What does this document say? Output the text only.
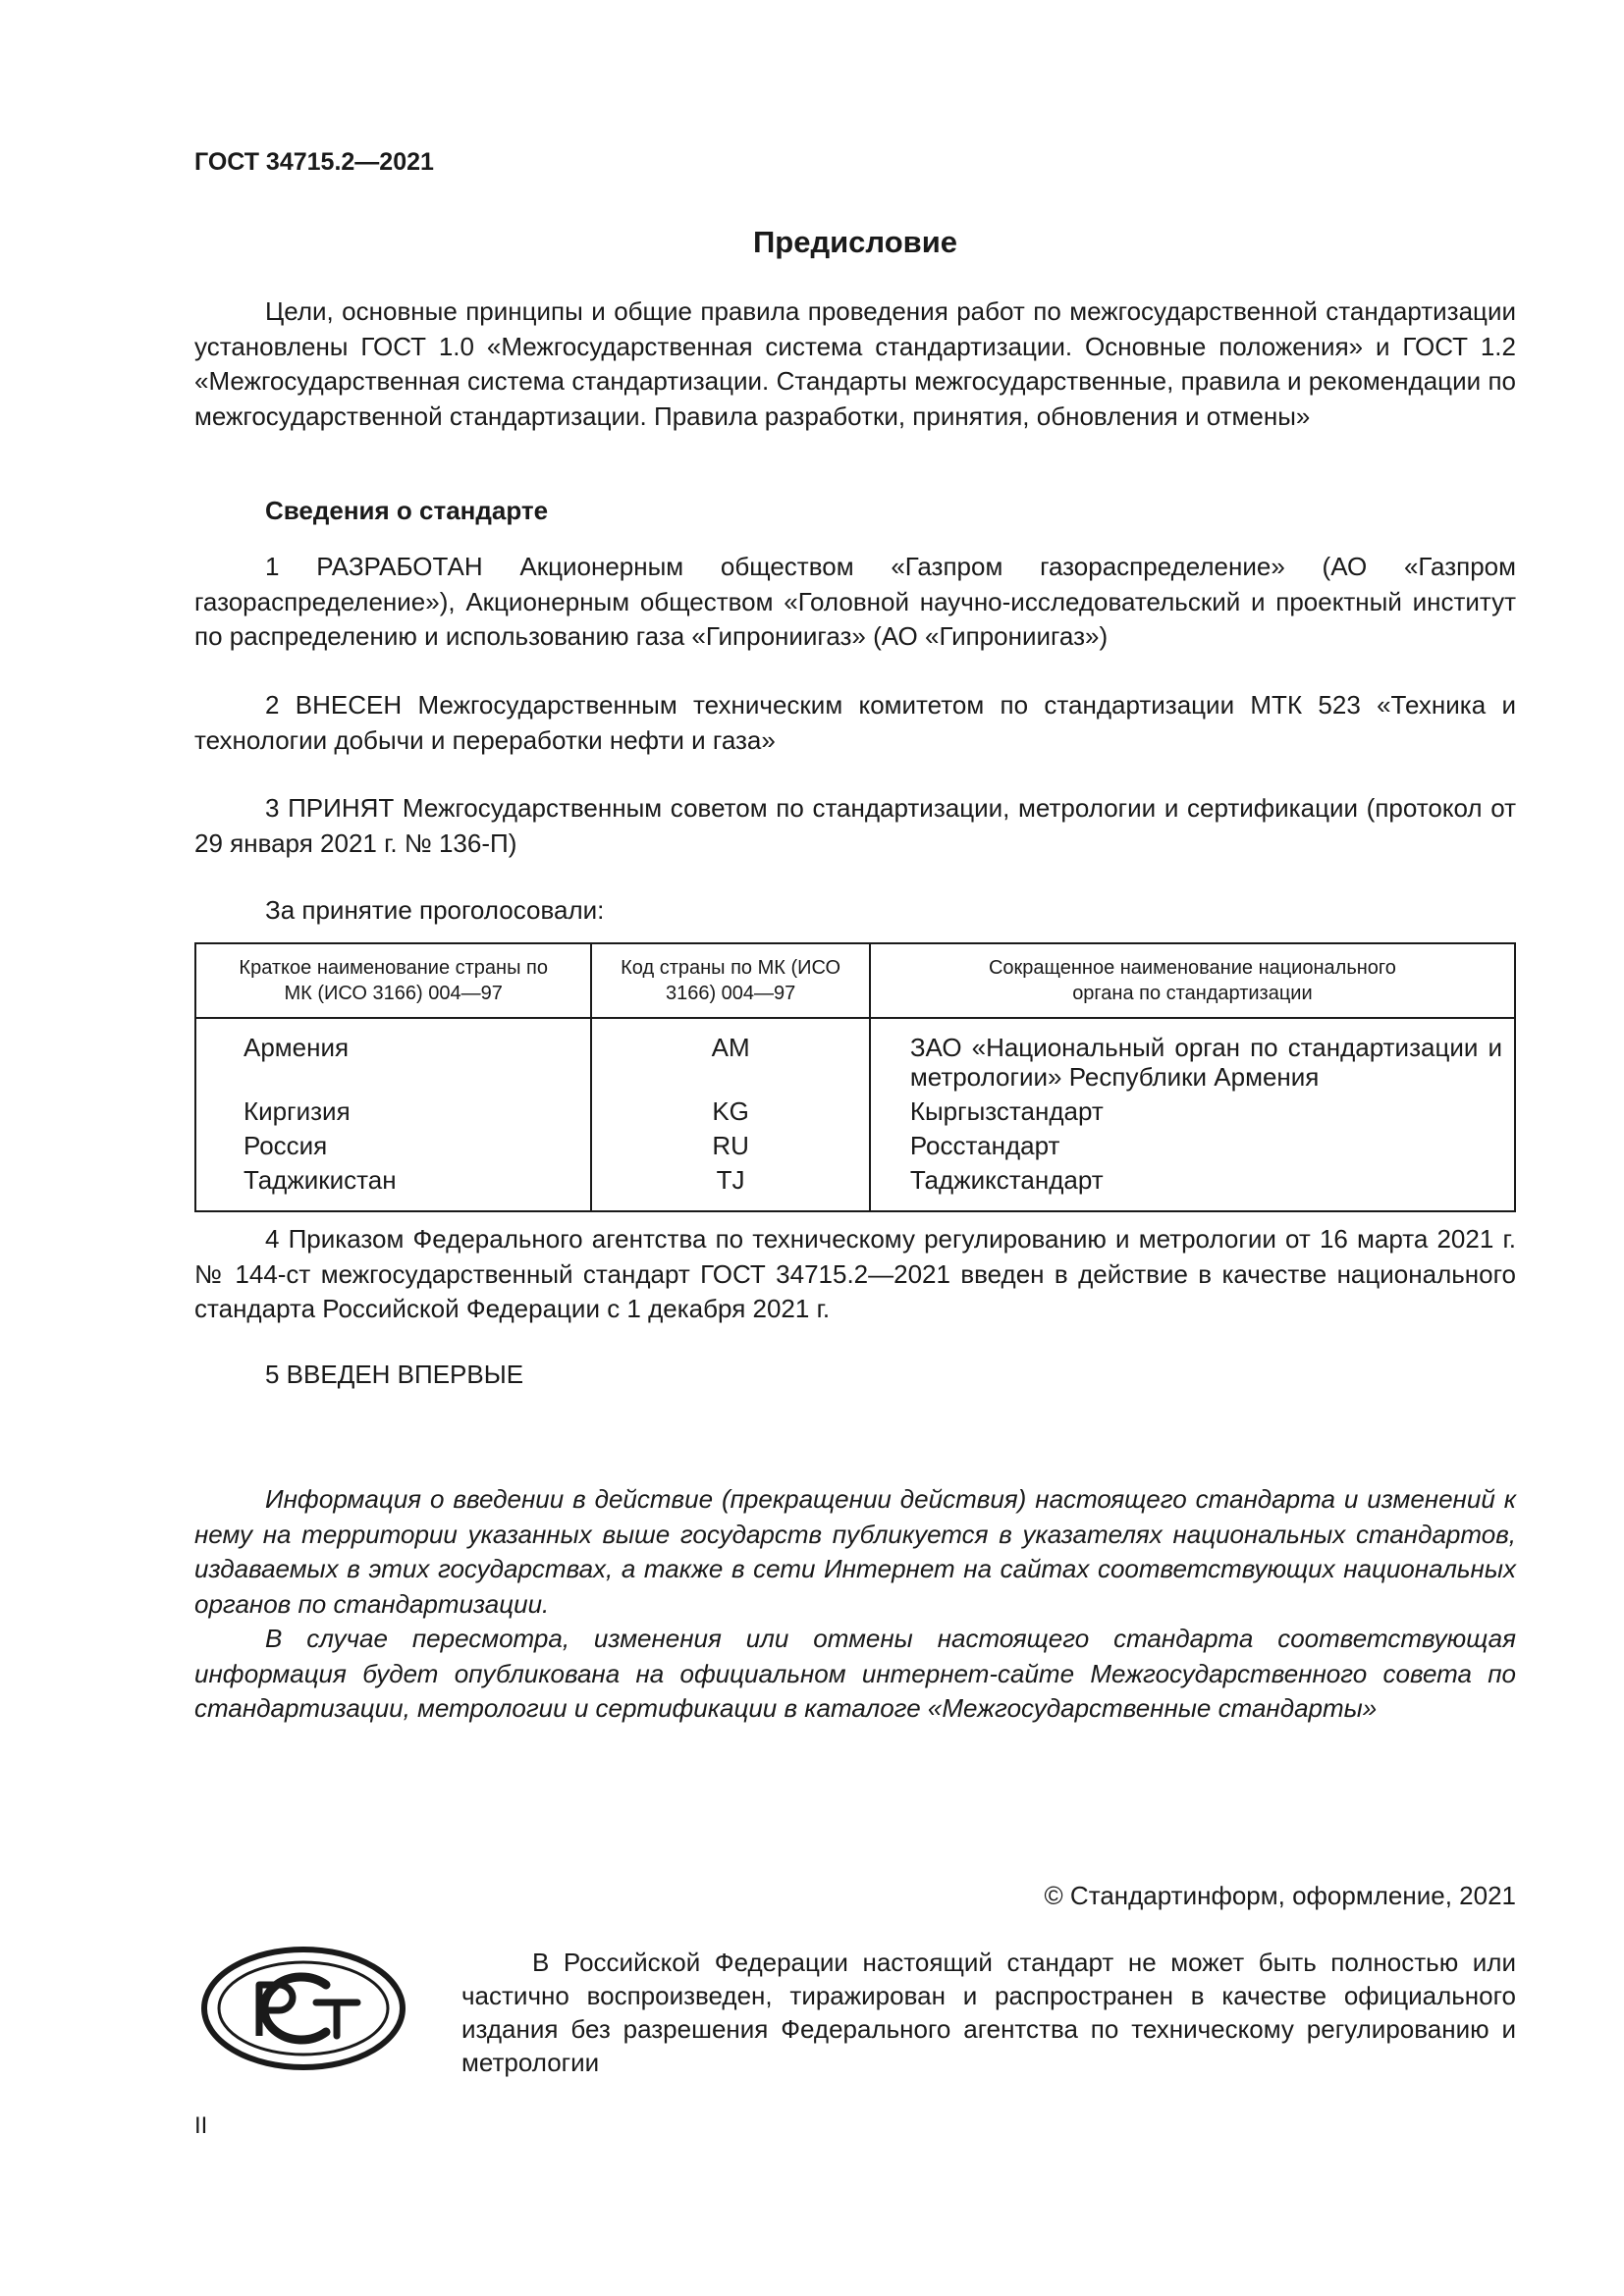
ГОСТ 34715.2—2021
Предисловие

Цели, основные принципы и общие правила проведения работ по межгосударственной стандартизации установлены ГОСТ 1.0 «Межгосударственная система стандартизации. Основные положения» и ГОСТ 1.2 «Межгосударственная система стандартизации. Стандарты межгосударственные, правила и рекомендации по межгосударственной стандартизации. Правила разработки, принятия, обновления и отмены»

Сведения о стандарте

1 РАЗРАБОТАН Акционерным обществом «Газпром газораспределение» (АО «Газпром газораспределение»), Акционерным обществом «Головной научно-исследовательский и проектный институт по распределению и использованию газа «Гипрониигаз» (АО «Гипрониигаз»)

2 ВНЕСЕН Межгосударственным техническим комитетом по стандартизации МТК 523 «Техника и технологии добычи и переработки нефти и газа»

3 ПРИНЯТ Межгосударственным советом по стандартизации, метрологии и сертификации (протокол от 29 января 2021 г. № 136-П)

За принятие проголосовали:
Краткое наименование страны по МК (ИСО 3166) 004—97	Код страны по МК (ИСО 3166) 004—97	Сокращенное наименование национального органа по стандартизации
Армения	AM	ЗАО «Национальный орган по стандартизации и метрологии» Республики Армения
Киргизия	KG	Кыргызстандарт
Россия	RU	Росстандарт
Таджикистан	TJ	Таджикстандарт

4 Приказом Федерального агентства по техническому регулированию и метрологии от 16 марта 2021 г. № 144-ст межгосударственный стандарт ГОСТ 34715.2—2021 введен в действие в качестве национального стандарта Российской Федерации с 1 декабря 2021 г.

5 ВВЕДЕН ВПЕРВЫЕ

Информация о введении в действие (прекращении действия) настоящего стандарта и изменений к нему на территории указанных выше государств публикуется в указателях национальных стандартов, издаваемых в этих государствах, а также в сети Интернет на сайтах соответствующих национальных органов по стандартизации.

В случае пересмотра, изменения или отмены настоящего стандарта соответствующая информация будет опубликована на официальном интернет-сайте Межгосударственного совета по стандартизации, метрологии и сертификации в каталоге «Межгосударственные стандарты»

© Стандартинформ, оформление, 2021

В Российской Федерации настоящий стандарт не может быть полностью или частично воспроизведен, тиражирован и распространен в качестве официального издания без разрешения Федерального агентства по техническому регулированию и метрологии

II
